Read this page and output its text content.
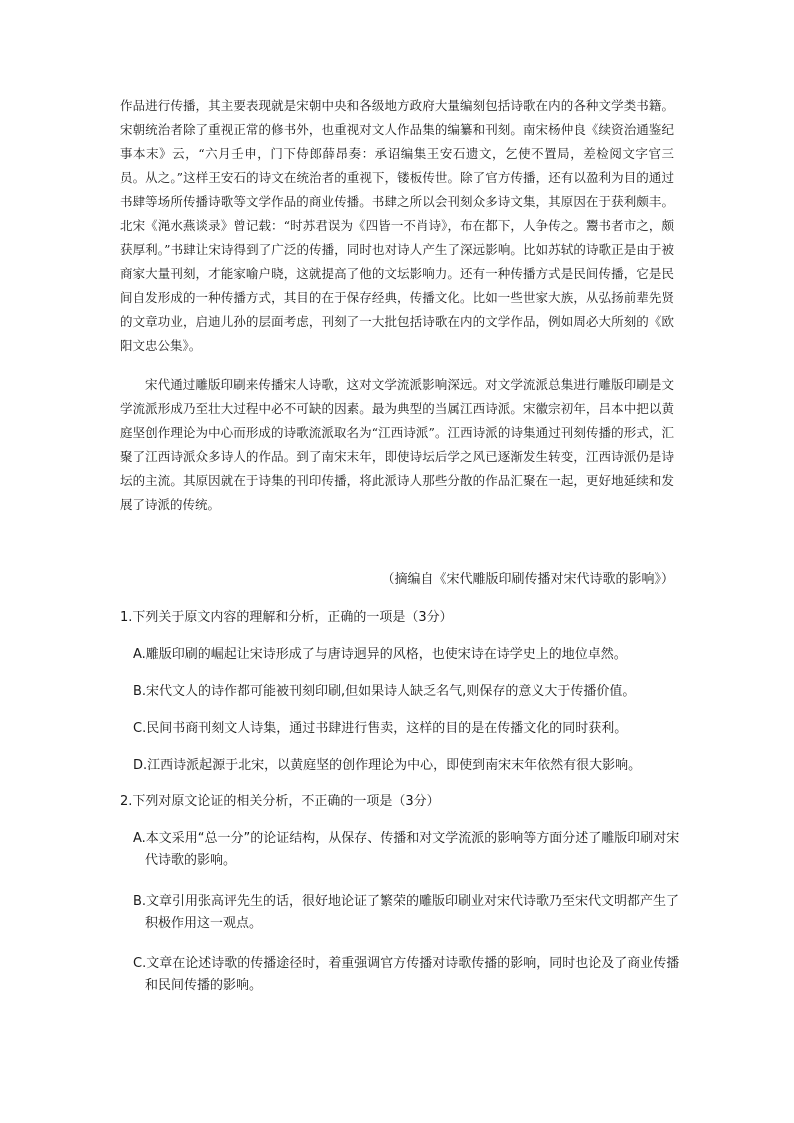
作品进行传播，其主要表现就是宋朝中央和各级地方政府大量编刻包括诗歌在内的各种文学类书籍。宋朝统治者除了重视正常的修书外，也重视对文人作品集的编纂和刊刻。南宋杨仲良《续资治通鉴纪事本末》云，“六月壬申，门下侍郎薛昂奏：承诏编集王安石遗文，乞使不置局，差检阅文字官三员。从之。”这样王安石的诗文在统治者的重视下，镂板传世。除了官方传播，还有以盈利为目的通过书肆等场所传播诗歌等文学作品的商业传播。书肆之所以会刊刻众多诗文集，其原因在于获利颇丰。北宋《渑水燕谈录》曾记载：“时苏君误为《四皆一不肖诗》，布在都下，人争传之。鬻书者市之，颇获厚利。”书肆让宋诗得到了广泛的传播，同时也对诗人产生了深远影响。比如苏轼的诗歌正是由于被商家大量刊刻，才能家喻户晓，这就提高了他的文坛影响力。还有一种传播方式是民间传播，它是民间自发形成的一种传播方式，其目的在于保存经典，传播文化。比如一些世家大族，从弘扬前辈先贤的文章功业，启迪儿孙的层面考虑，刊刻了一大批包括诗歌在内的文学作品，例如周必大所刻的《欧阳文忠公集》。

宋代通过雕版印刷来传播宋人诗歌，这对文学流派影响深远。对文学流派总集进行雕版印刷是文学流派形成乃至壮大过程中必不可缺的因素。最为典型的当属江西诗派。宋徽宗初年，吕本中把以黄庭坚创作理论为中心而形成的诗歌流派取名为“江西诗派”。江西诗派的诗集通过刊刻传播的形式，汇聚了江西诗派众多诗人的作品。到了南宋末年，即使诗坛后学之风已逐渐发生转变，江西诗派仍是诗坛的主流。其原因就在于诗集的刊印传播，将此派诗人那些分散的作品汇聚在一起，更好地延续和发展了诗派的传统。

（摘编自《宋代雕版印刷传播对宋代诗歌的影响》）

1.下列关于原文内容的理解和分析，正确的一项是（3分）

A.雕版印刷的崛起让宋诗形成了与唐诗迥异的风格，也使宋诗在诗学史上的地位卓然。

B.宋代文人的诗作都可能被刊刻印刷,但如果诗人缺乏名气,则保存的意义大于传播价值。

C.民间书商刊刻文人诗集，通过书肆进行售卖，这样的目的是在传播文化的同时获利。

D.江西诗派起源于北宋，以黄庭坚的创作理论为中心，即使到南宋末年依然有很大影响。

2.下列对原文论证的相关分析，不正确的一项是（3分）

A.本文采用“总一分”的论证结构，从保存、传播和对文学流派的影响等方面分述了雕版印刷对宋代诗歌的影响。

B.文章引用张高评先生的话，很好地论证了繁荣的雕版印刷业对宋代诗歌乃至宋代文明都产生了积极作用这一观点。

C.文章在论述诗歌的传播途径时，着重强调官方传播对诗歌传播的影响，同时也论及了商业传播和民间传播的影响。
